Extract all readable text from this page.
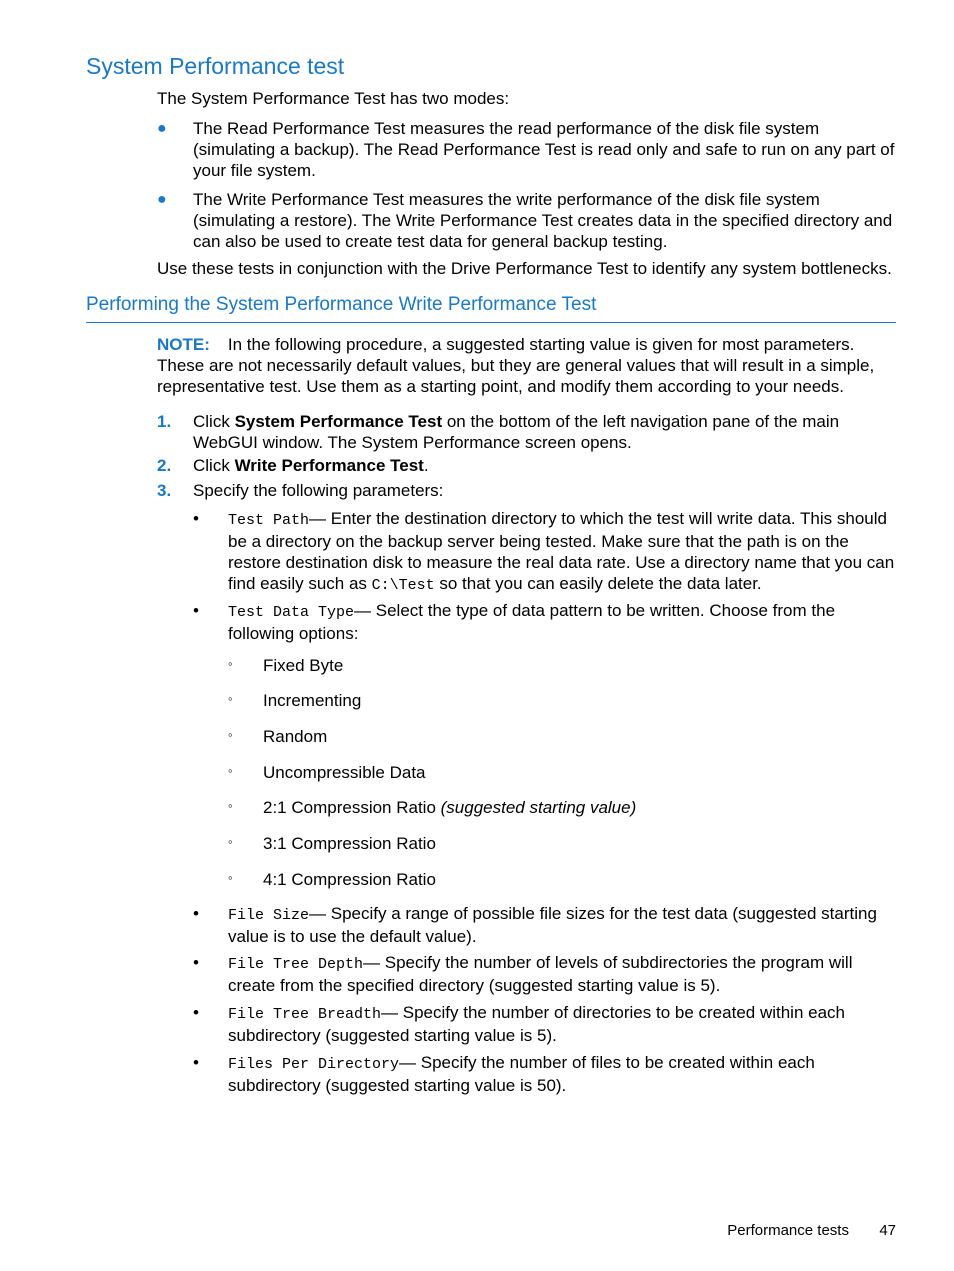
System Performance test
The System Performance Test has two modes:
● The Read Performance Test measures the read performance of the disk file system (simulating a backup). The Read Performance Test is read only and safe to run on any part of your file system.
● The Write Performance Test measures the write performance of the disk file system (simulating a restore). The Write Performance Test creates data in the specified directory and can also be used to create test data for general backup testing.
Use these tests in conjunction with the Drive Performance Test to identify any system bottlenecks.
Performing the System Performance Write Performance Test
NOTE: In the following procedure, a suggested starting value is given for most parameters. These are not necessarily default values, but they are general values that will result in a simple, representative test. Use them as a starting point, and modify them according to your needs.
1. Click System Performance Test on the bottom of the left navigation pane of the main WebGUI window. The System Performance screen opens.
2. Click Write Performance Test.
3. Specify the following parameters:
• Test Path— Enter the destination directory to which the test will write data. This should be a directory on the backup server being tested. Make sure that the path is on the restore destination disk to measure the real data rate. Use a directory name that you can find easily such as C:\Test so that you can easily delete the data later.
• Test Data Type— Select the type of data pattern to be written. Choose from the following options:
◦ Fixed Byte
◦ Incrementing
◦ Random
◦ Uncompressible Data
◦ 2:1 Compression Ratio (suggested starting value)
◦ 3:1 Compression Ratio
◦ 4:1 Compression Ratio
• File Size— Specify a range of possible file sizes for the test data (suggested starting value is to use the default value).
• File Tree Depth— Specify the number of levels of subdirectories the program will create from the specified directory (suggested starting value is 5).
• File Tree Breadth— Specify the number of directories to be created within each subdirectory (suggested starting value is 5).
• Files Per Directory— Specify the number of files to be created within each subdirectory (suggested starting value is 50).
Performance tests 47
